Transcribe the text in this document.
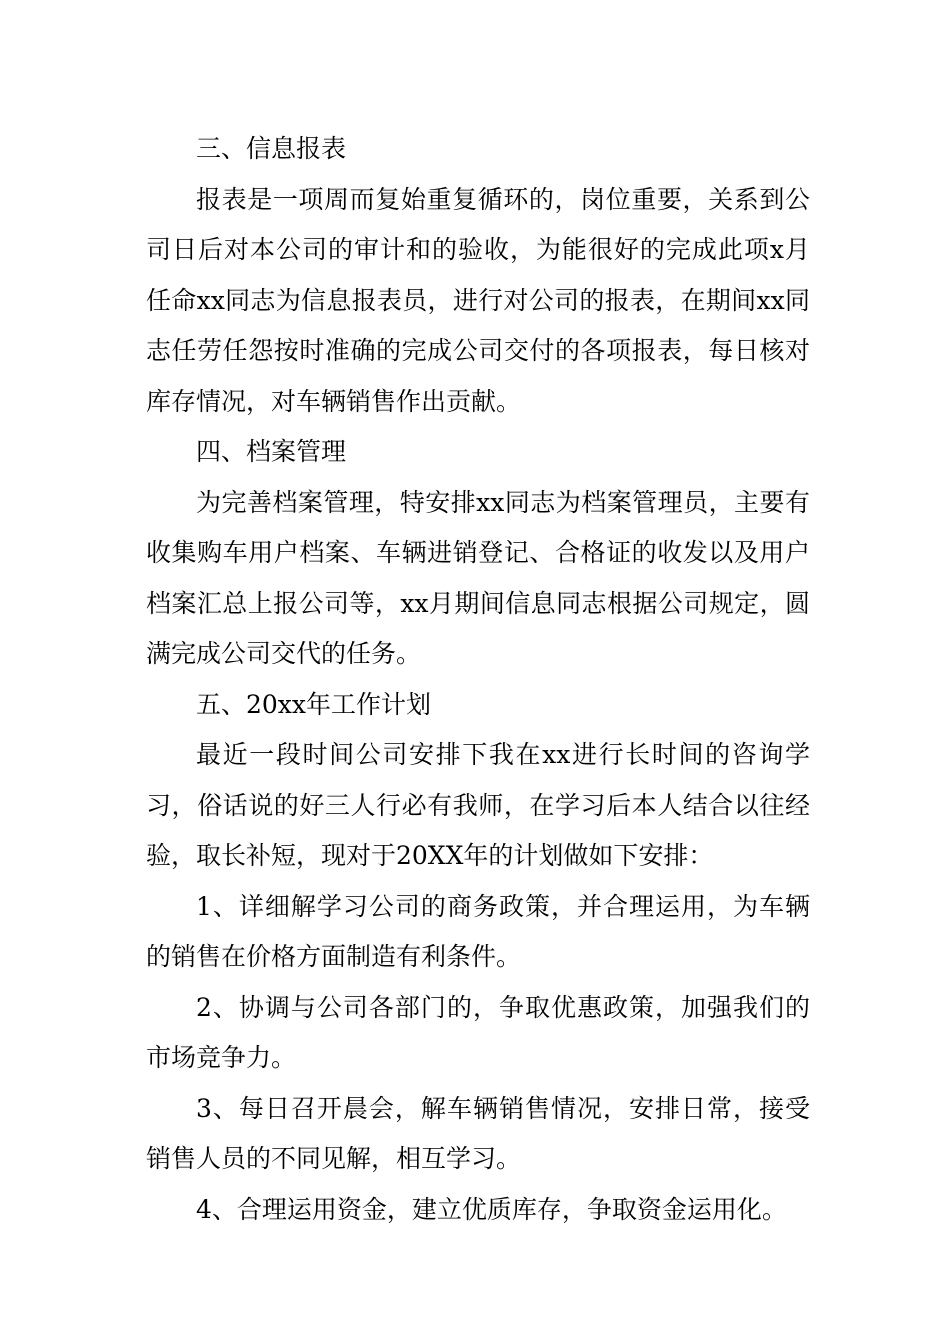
三、信息报表

报表是一项周而复始重复循环的，岗位重要，关系到公司日后对本公司的审计和的验收，为能很好的完成此项x月任命xx同志为信息报表员，进行对公司的报表，在期间xx同志任劳任怨按时准确的完成公司交付的各项报表，每日核对库存情况，对车辆销售作出贡献。

四、档案管理

为完善档案管理，特安排xx同志为档案管理员，主要有收集购车用户档案、车辆进销登记、合格证的收发以及用户档案汇总上报公司等，xx月期间信息同志根据公司规定，圆满完成公司交代的任务。

五、20xx年工作计划

最近一段时间公司安排下我在xx进行长时间的咨询学习，俗话说的好三人行必有我师，在学习后本人结合以往经验，取长补短，现对于20XX年的计划做如下安排：

1、详细解学习公司的商务政策，并合理运用，为车辆的销售在价格方面制造有利条件。

2、协调与公司各部门的，争取优惠政策，加强我们的市场竞争力。

3、每日召开晨会，解车辆销售情况，安排日常，接受销售人员的不同见解，相互学习。

4、合理运用资金，建立优质库存，争取资金运用化。
